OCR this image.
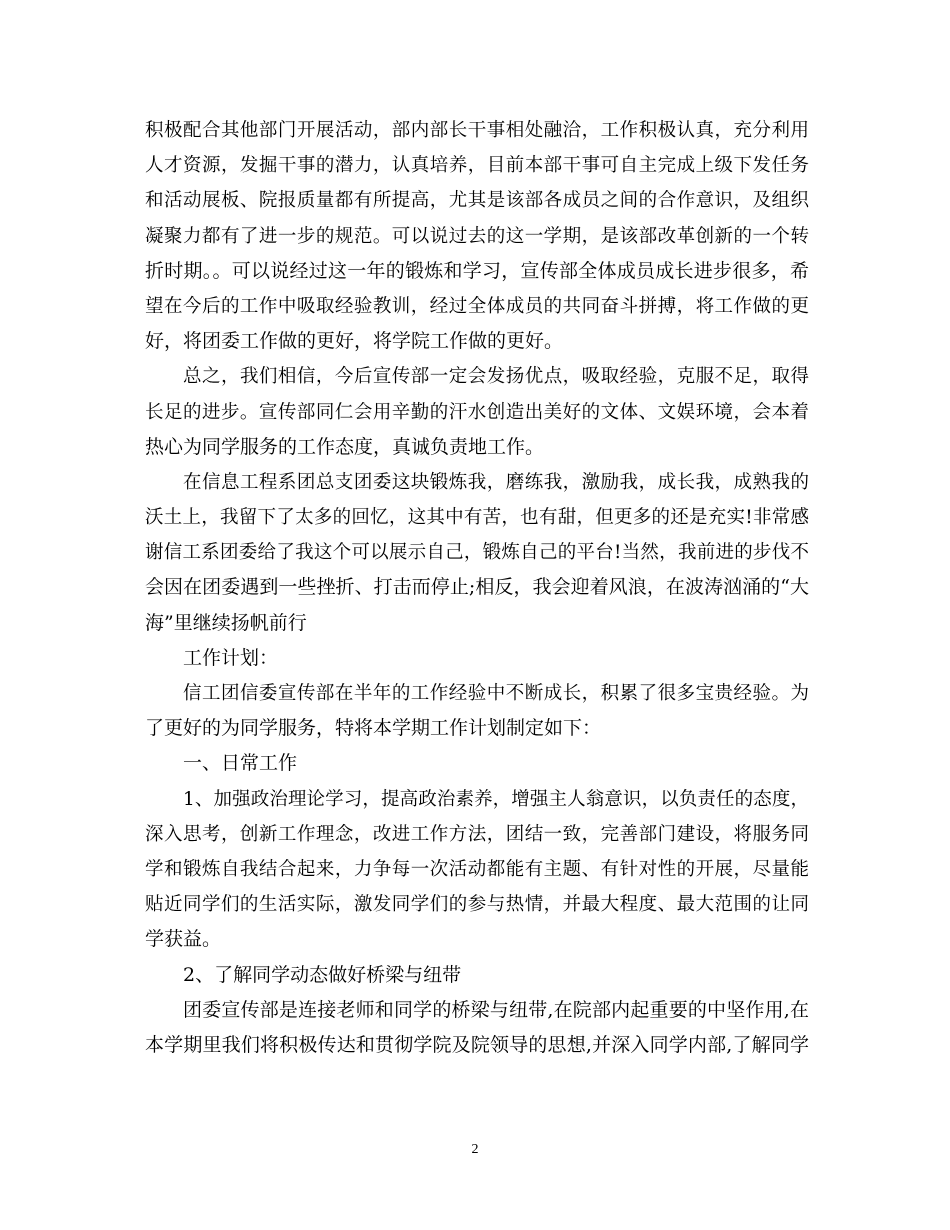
积极配合其他部门开展活动，部内部长干事相处融洽，工作积极认真，充分利用
人才资源，发掘干事的潜力，认真培养，目前本部干事可自主完成上级下发任务
和活动展板、院报质量都有所提高，尤其是该部各成员之间的合作意识，及组织
凝聚力都有了进一步的规范。可以说过去的这一学期，是该部改革创新的一个转
折时期。。可以说经过这一年的锻炼和学习，宣传部全体成员成长进步很多，希
望在今后的工作中吸取经验教训，经过全体成员的共同奋斗拼搏，将工作做的更
好，将团委工作做的更好，将学院工作做的更好。
总之，我们相信，今后宣传部一定会发扬优点，吸取经验，克服不足，取得
长足的进步。宣传部同仁会用辛勤的汗水创造出美好的文体、文娱环境，会本着
热心为同学服务的工作态度，真诚负责地工作。
在信息工程系团总支团委这块锻炼我，磨练我，激励我，成长我，成熟我的
沃土上，我留下了太多的回忆，这其中有苦，也有甜，但更多的还是充实!非常感
谢信工系团委给了我这个可以展示自己，锻炼自己的平台!当然，我前进的步伐不
会因在团委遇到一些挫折、打击而停止;相反，我会迎着风浪，在波涛汹涌的“大
海”里继续扬帆前行
工作计划：
信工团信委宣传部在半年的工作经验中不断成长，积累了很多宝贵经验。为
了更好的为同学服务，特将本学期工作计划制定如下：
一、日常工作
1、加强政治理论学习，提高政治素养，增强主人翁意识，以负责任的态度，
深入思考，创新工作理念，改进工作方法，团结一致，完善部门建设，将服务同
学和锻炼自我结合起来，力争每一次活动都能有主题、有针对性的开展，尽量能
贴近同学们的生活实际，激发同学们的参与热情，并最大程度、最大范围的让同
学获益。
2、了解同学动态做好桥梁与纽带
团委宣传部是连接老师和同学的桥梁与纽带,在院部内起重要的中坚作用,在
本学期里我们将积极传达和贯彻学院及院领导的思想,并深入同学内部,了解同学
2
